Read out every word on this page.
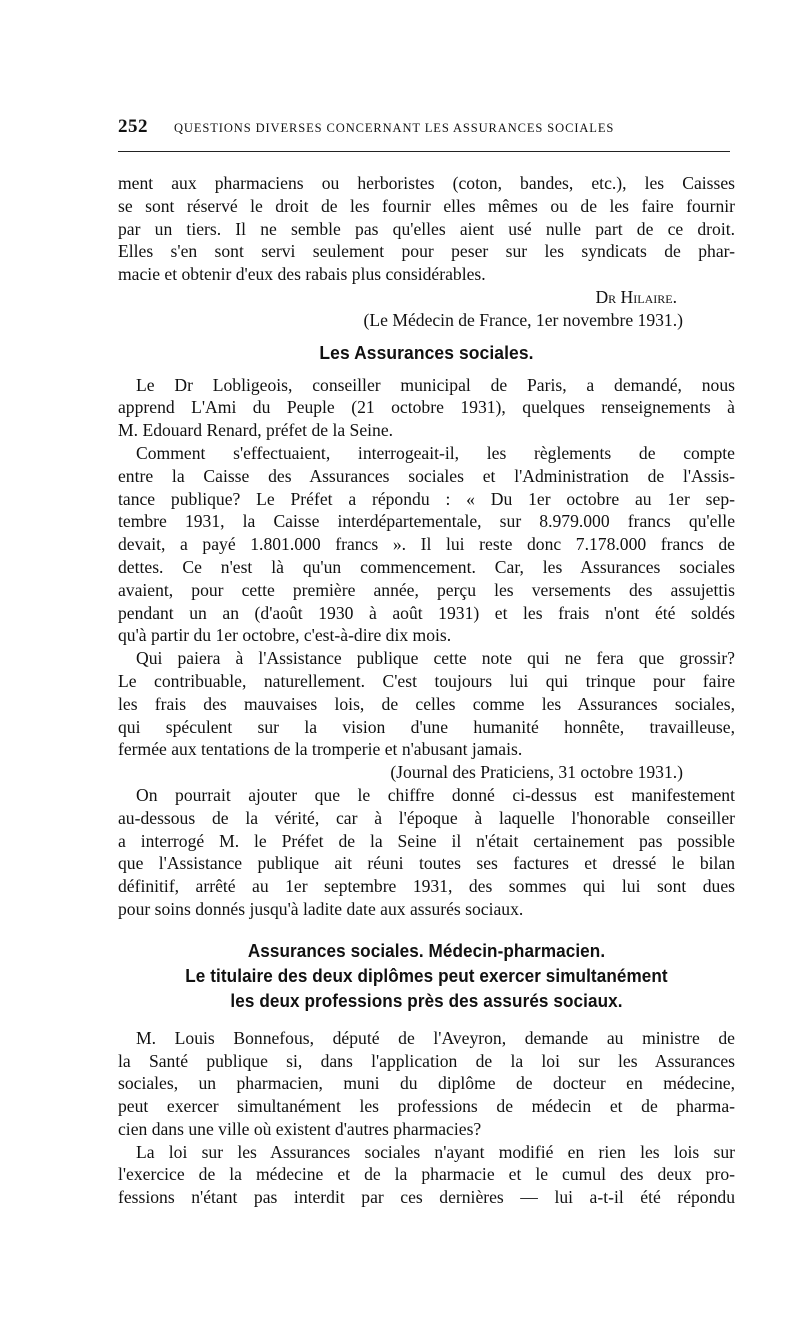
252 QUESTIONS DIVERSES CONCERNANT LES ASSURANCES SOCIALES
ment aux pharmaciens ou herboristes (coton, bandes, etc.), les Caisses
se sont réservé le droit de les fournir elles mêmes ou de les faire fournir
par un tiers. Il ne semble pas qu'elles aient usé nulle part de ce droit.
Elles s'en sont servi seulement pour peser sur les syndicats de phar-
macie et obtenir d'eux des rabais plus considérables.
Dr Hilaire.
(Le Médecin de France, 1er novembre 1931.)
Les Assurances sociales.
Le Dr Lobligeois, conseiller municipal de Paris, a demandé, nous
apprend L'Ami du Peuple (21 octobre 1931), quelques renseignements à
M. Edouard Renard, préfet de la Seine.
Comment s'effectuaient, interrogeait-il, les règlements de compte
entre la Caisse des Assurances sociales et l'Administration de l'Assis-
tance publique? Le Préfet a répondu : « Du 1er octobre au 1er sep-
tembre 1931, la Caisse interdépartementale, sur 8.979.000 francs qu'elle
devait, a payé 1.801.000 francs ». Il lui reste donc 7.178.000 francs de
dettes. Ce n'est là qu'un commencement. Car, les Assurances sociales
avaient, pour cette première année, perçu les versements des assujettis
pendant un an (d'août 1930 à août 1931) et les frais n'ont été soldés
qu'à partir du 1er octobre, c'est-à-dire dix mois.
Qui paiera à l'Assistance publique cette note qui ne fera que grossir?
Le contribuable, naturellement. C'est toujours lui qui trinque pour faire
les frais des mauvaises lois, de celles comme les Assurances sociales,
qui spéculent sur la vision d'une humanité honnête, travailleuse,
fermée aux tentations de la tromperie et n'abusant jamais.
(Journal des Praticiens, 31 octobre 1931.)
On pourrait ajouter que le chiffre donné ci-dessus est manifestement
au-dessous de la vérité, car à l'époque à laquelle l'honorable conseiller
a interrogé M. le Préfet de la Seine il n'était certainement pas possible
que l'Assistance publique ait réuni toutes ses factures et dressé le bilan
définitif, arrêté au 1er septembre 1931, des sommes qui lui sont dues
pour soins donnés jusqu'à ladite date aux assurés sociaux.
Assurances sociales. Médecin-pharmacien.
Le titulaire des deux diplômes peut exercer simultanément
les deux professions près des assurés sociaux.
M. Louis Bonnefous, député de l'Aveyron, demande au ministre de
la Santé publique si, dans l'application de la loi sur les Assurances
sociales, un pharmacien, muni du diplôme de docteur en médecine,
peut exercer simultanément les professions de médecin et de pharma-
cien dans une ville où existent d'autres pharmacies?
La loi sur les Assurances sociales n'ayant modifié en rien les lois sur
l'exercice de la médecine et de la pharmacie et le cumul des deux pro-
fessions n'étant pas interdit par ces dernières — lui a-t-il été répondu
